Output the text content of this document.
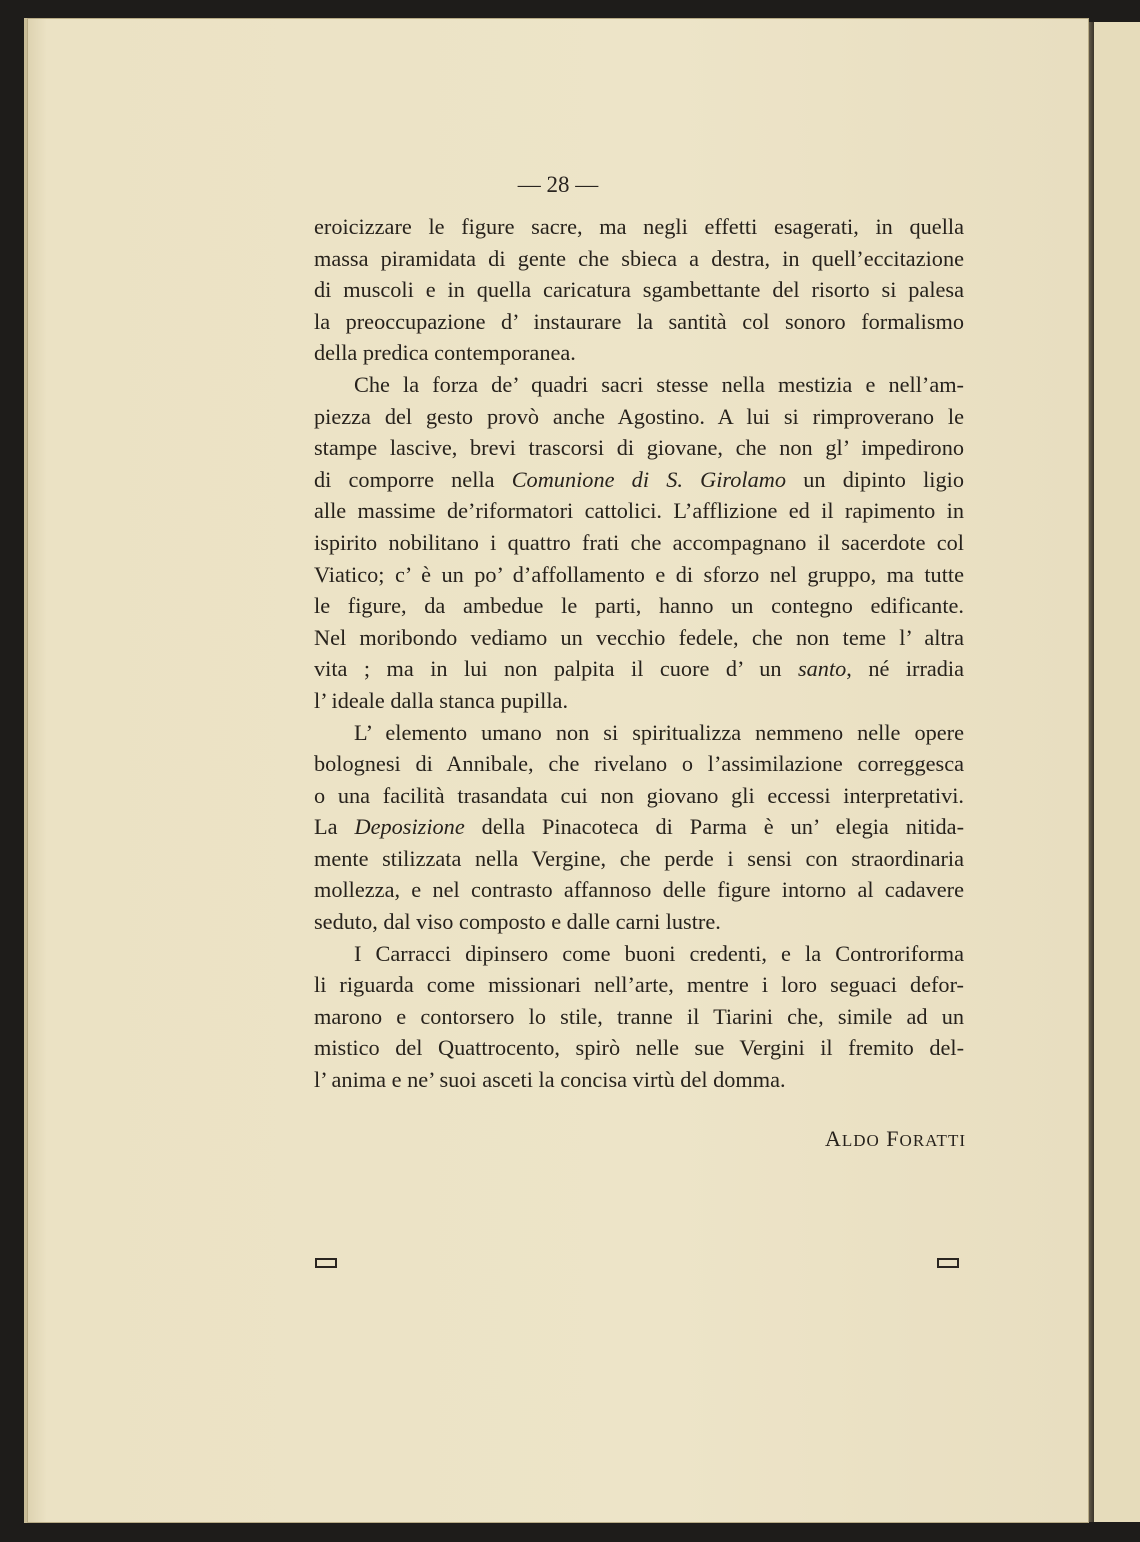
— 28 —

eroicizzare le figure sacre, ma negli effetti esagerati, in quella
massa piramidata di gente che sbieca a destra, in quell’eccitazione
di muscoli e in quella caricatura sgambettante del risorto si palesa
la preoccupazione d’ instaurare la santità col sonoro formalismo
della predica contemporanea.

Che la forza de’ quadri sacri stesse nella mestizia e nell’am-
piezza del gesto provò anche Agostino. A lui si rimproverano le
stampe lascive, brevi trascorsi di giovane, che non gl’ impedirono
di comporre nella Comunione di S. Girolamo un dipinto ligio
alle massime de’riformatori cattolici. L’afflizione ed il rapimento in
ispirito nobilitano i quattro frati che accompagnano il sacerdote col
Viatico; c’ è un po’ d’affollamento e di sforzo nel gruppo, ma tutte
le figure, da ambedue le parti, hanno un contegno edificante.
Nel moribondo vediamo un vecchio fedele, che non teme l’ altra
vita ; ma in lui non palpita il cuore d’ un santo, né irradia
l’ ideale dalla stanca pupilla.

L’ elemento umano non si spiritualizza nemmeno nelle opere
bolognesi di Annibale, che rivelano o l’assimilazione correggesca
o una facilità trasandata cui non giovano gli eccessi interpretativi.
La Deposizione della Pinacoteca di Parma è un’ elegia nitida-
mente stilizzata nella Vergine, che perde i sensi con straordinaria
mollezza, e nel contrasto affannoso delle figure intorno al cadavere
seduto, dal viso composto e dalle carni lustre.

I Carracci dipinsero come buoni credenti, e la Controriforma
li riguarda come missionari nell’arte, mentre i loro seguaci defor-
marono e contorsero lo stile, tranne il Tiarini che, simile ad un
mistico del Quattrocento, spirò nelle sue Vergini il fremito del-
l’ anima e ne’ suoi asceti la concisa virtù del domma.

ALDO FORATTI
